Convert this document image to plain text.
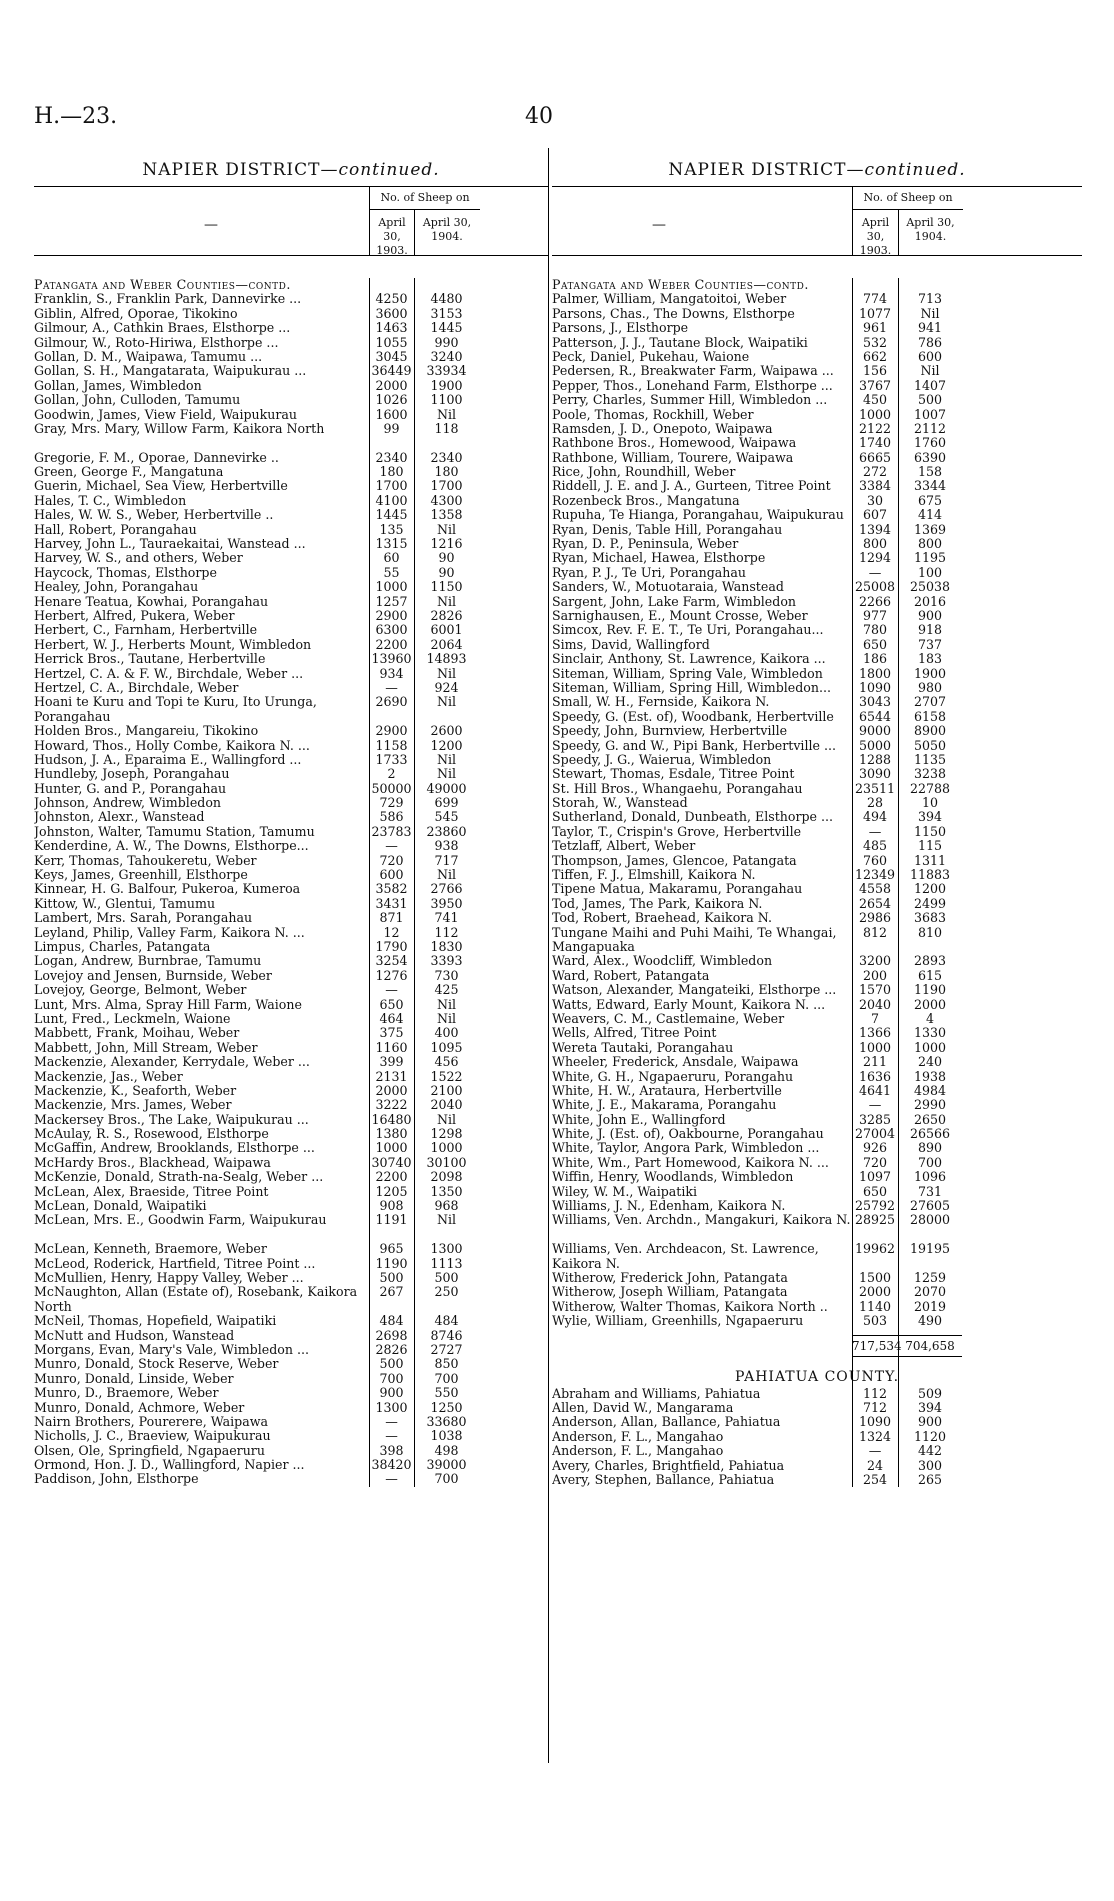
H.—23.	40
NAPIER DISTRICT—continued.
—
No. of Sheep on
April 30, 1903.
April 30, 1904.
Patangata and Weber Counties—contd.
Franklin, S., Franklin Park, Dannevirke ...	4250	4480
Giblin, Alfred, Oporae, Tikokino	3600	3153
Gilmour, A., Cathkin Braes, Elsthorpe ...	1463	1445
Gilmour, W., Roto-Hiriwa, Elsthorpe ...	1055	990
Gollan, D. M., Waipawa, Tamumu ...	3045	3240
Gollan, S. H., Mangatarata, Waipukurau ...	36449	33934
Gollan, James, Wimbledon	2000	1900
Gollan, John, Culloden, Tamumu	1026	1100
Goodwin, James, View Field, Waipukurau	1600	Nil
Gray, Mrs. Mary, Willow Farm, Kaikora North	99	118
Gregorie, F. M., Oporae, Dannevirke ..	2340	2340
Green, George F., Mangatuna	180	180
Guerin, Michael, Sea View, Herbertville	1700	1700
Hales, T. C., Wimbledon	4100	4300
Hales, W. W. S., Weber, Herbertville ..	1445	1358
Hall, Robert, Porangahau	135	Nil
Harvey, John L., Tauraekaitai, Wanstead ...	1315	1216
Harvey, W. S., and others, Weber	60	90
Haycock, Thomas, Elsthorpe	55	90
Healey, John, Porangahau	1000	1150
Henare Teatua, Kowhai, Porangahau	1257	Nil
Herbert, Alfred, Pukera, Weber	2900	2826
Herbert, C., Farnham, Herbertville	6300	6001
Herbert, W. J., Herberts Mount, Wimbledon	2200	2064
Herrick Bros., Tautane, Herbertville	13960	14893
Hertzel, C. A. & F. W., Birchdale, Weber ...	934	Nil
Hertzel, C. A., Birchdale, Weber	—	924
Hoani te Kuru and Topi te Kuru, Ito Urunga, Porangahau
2690	Nil
Holden Bros., Mangareiu, Tikokino	2900	2600
Howard, Thos., Holly Combe, Kaikora N. ...	1158	1200
Hudson, J. A., Eparaima E., Wallingford ...	1733	Nil
Hundleby, Joseph, Porangahau	2	Nil
Hunter, G. and P., Porangahau	50000	49000
Johnson, Andrew, Wimbledon	729	699
Johnston, Alexr., Wanstead	586	545
Johnston, Walter, Tamumu Station, Tamumu	23783	23860
Kenderdine, A. W., The Downs, Elsthorpe...	—	938
Kerr, Thomas, Tahoukeretu, Weber	720	717
Keys, James, Greenhill, Elsthorpe	600	Nil
Kinnear, H. G. Balfour, Pukeroa, Kumeroa	3582	2766
Kittow, W., Glentui, Tamumu	3431	3950
Lambert, Mrs. Sarah, Porangahau	871	741
Leyland, Philip, Valley Farm, Kaikora N. ...	12	112
Limpus, Charles, Patangata	1790	1830
Logan, Andrew, Burnbrae, Tamumu	3254	3393
Lovejoy and Jensen, Burnside, Weber	1276	730
Lovejoy, George, Belmont, Weber	—	425
Lunt, Mrs. Alma, Spray Hill Farm, Waione	650	Nil
Lunt, Fred., Leckmeln, Waione	464	Nil
Mabbett, Frank, Moihau, Weber	375	400
Mabbett, John, Mill Stream, Weber	1160	1095
Mackenzie, Alexander, Kerrydale, Weber ...	399	456
Mackenzie, Jas., Weber	2131	1522
Mackenzie, K., Seaforth, Weber	2000	2100
Mackenzie, Mrs. James, Weber	3222	2040
Mackersey Bros., The Lake, Waipukurau ...	16480	Nil
McAulay, R. S., Rosewood, Elsthorpe	1380	1298
McGaffin, Andrew, Brooklands, Elsthorpe ...	1000	1000
McHardy Bros., Blackhead, Waipawa	30740	30100
McKenzie, Donald, Strath-na-Sealg, Weber ...	2200	2098
McLean, Alex, Braeside, Titree Point	1205	1350
McLean, Donald, Waipatiki	908	968
McLean, Mrs. E., Goodwin Farm, Waipukurau	1191	Nil
McLean, Kenneth, Braemore, Weber	965	1300
McLeod, Roderick, Hartfield, Titree Point ...	1190	1113
McMullien, Henry, Happy Valley, Weber ...	500	500
McNaughton, Allan (Estate of), Rosebank, Kaikora North
267	250
McNeil, Thomas, Hopefield, Waipatiki	484	484
McNutt and Hudson, Wanstead	2698	8746
Morgans, Evan, Mary's Vale, Wimbledon ...	2826	2727
Munro, Donald, Stock Reserve, Weber	500	850
Munro, Donald, Linside, Weber	700	700
Munro, D., Braemore, Weber	900	550
Munro, Donald, Achmore, Weber	1300	1250
Nairn Brothers, Pourerere, Waipawa	—	33680
Nicholls, J. C., Braeview, Waipukurau	—	1038
Olsen, Ole, Springfield, Ngapaeruru	398	498
Ormond, Hon. J. D., Wallingford, Napier ...	38420	39000
Paddison, John, Elsthorpe	—	700
NAPIER DISTRICT—continued.
—
No. of Sheep on
April 30, 1903.
April 30, 1904.
Patangata and Weber Counties—contd.
Palmer, William, Mangatoitoi, Weber	774	713
Parsons, Chas., The Downs, Elsthorpe	1077	Nil
Parsons, J., Elsthorpe	961	941
Patterson, J. J., Tautane Block, Waipatiki	532	786
Peck, Daniel, Pukehau, Waione	662	600
Pedersen, R., Breakwater Farm, Waipawa ...	156	Nil
Pepper, Thos., Lonehand Farm, Elsthorpe ...	3767	1407
Perry, Charles, Summer Hill, Wimbledon ...	450	500
Poole, Thomas, Rockhill, Weber	1000	1007
Ramsden, J. D., Onepoto, Waipawa	2122	2112
Rathbone Bros., Homewood, Waipawa	1740	1760
Rathbone, William, Tourere, Waipawa	6665	6390
Rice, John, Roundhill, Weber	272	158
Riddell, J. E. and J. A., Gurteen, Titree Point	3384	3344
Rozenbeck Bros., Mangatuna	30	675
Rupuha, Te Hianga, Porangahau, Waipukurau	607	414
Ryan, Denis, Table Hill, Porangahau	1394	1369
Ryan, D. P., Peninsula, Weber	800	800
Ryan, Michael, Hawea, Elsthorpe	1294	1195
Ryan, P. J., Te Uri, Porangahau	—	100
Sanders, W., Motuotaraia, Wanstead	25008	25038
Sargent, John, Lake Farm, Wimbledon	2266	2016
Sarnighausen, E., Mount Crosse, Weber	977	900
Simcox, Rev. F. E. T., Te Uri, Porangahau...	780	918
Sims, David, Wallingford	650	737
Sinclair, Anthony, St. Lawrence, Kaikora ...	186	183
Siteman, William, Spring Vale, Wimbledon	1800	1900
Siteman, William, Spring Hill, Wimbledon...	1090	980
Small, W. H., Fernside, Kaikora N.	3043	2707
Speedy, G. (Est. of), Woodbank, Herbertville	6544	6158
Speedy, John, Burnview, Herbertville	9000	8900
Speedy, G. and W., Pipi Bank, Herbertville ...	5000	5050
Speedy, J. G., Waierua, Wimbledon	1288	1135
Stewart, Thomas, Esdale, Titree Point	3090	3238
St. Hill Bros., Whangaehu, Porangahau	23511	22788
Storah, W., Wanstead	28	10
Sutherland, Donald, Dunbeath, Elsthorpe ...	494	394
Taylor, T., Crispin's Grove, Herbertville	—	1150
Tetzlaff, Albert, Weber	485	115
Thompson, James, Glencoe, Patangata	760	1311
Tiffen, F. J., Elmshill, Kaikora N.	12349	11883
Tipene Matua, Makaramu, Porangahau	4558	1200
Tod, James, The Park, Kaikora N.	2654	2499
Tod, Robert, Braehead, Kaikora N.	2986	3683
Tungane Maihi and Puhi Maihi, Te Whangai, Mangapuaka
812	810
Ward, Alex., Woodcliff, Wimbledon	3200	2893
Ward, Robert, Patangata	200	615
Watson, Alexander, Mangateiki, Elsthorpe ...	1570	1190
Watts, Edward, Early Mount, Kaikora N. ...	2040	2000
Weavers, C. M., Castlemaine, Weber	7	4
Wells, Alfred, Titree Point	1366	1330
Wereta Tautaki, Porangahau	1000	1000
Wheeler, Frederick, Ansdale, Waipawa	211	240
White, G. H., Ngapaeruru, Porangahu	1636	1938
White, H. W., Arataura, Herbertville	4641	4984
White, J. E., Makarama, Porangahu	—	2990
White, John E., Wallingford	3285	2650
White, J. (Est. of), Oakbourne, Porangahau	27004	26566
White, Taylor, Angora Park, Wimbledon ...	926	890
White, Wm., Part Homewood, Kaikora N. ...	720	700
Wiffin, Henry, Woodlands, Wimbledon	1097	1096
Wiley, W. M., Waipatiki	650	731
Williams, J. N., Edenham, Kaikora N.	25792	27605
Williams, Ven. Archdn., Mangakuri, Kaikora N. 28925	28000
Williams, Ven. Archdeacon, St. Lawrence, Kaikora N.
19962	19195
Witherow, Frederick John, Patangata	1500	1259
Witherow, Joseph William, Patangata	2000	2070
Witherow, Walter Thomas, Kaikora North ..	1140	2019
Wylie, William, Greenhills, Ngapaeruru	503	490
717,534 704,658
PAHIATUA COUNTY.
Abraham and Williams, Pahiatua	112	509
Allen, David W., Mangarama	712	394
Anderson, Allan, Ballance, Pahiatua	1090	900
Anderson, F. L., Mangahao	1324	1120
Anderson, F. L., Mangahao	—	442
Avery, Charles, Brightfield, Pahiatua	24	300
Avery, Stephen, Ballance, Pahiatua	254	265
